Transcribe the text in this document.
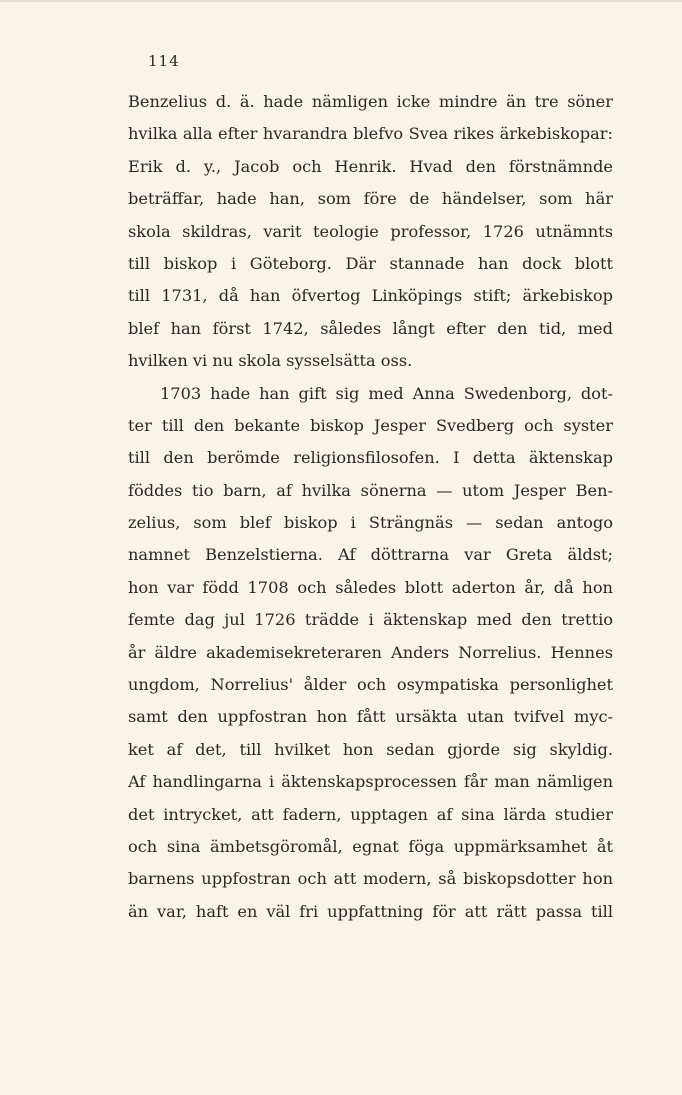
114
Benzelius d. ä. hade nämligen icke mindre än tre söner
hvilka alla efter hvarandra blefvo Svea rikes ärkebiskopar:
Erik d. y., Jacob och Henrik. Hvad den förstnämnde
beträffar, hade han, som före de händelser, som här
skola skildras, varit teologie professor, 1726 utnämnts
till biskop i Göteborg. Där stannade han dock blott
till 1731, då han öfvertog Linköpings stift; ärkebiskop
blef han först 1742, således långt efter den tid, med
hvilken vi nu skola sysselsätta oss.
1703 hade han gift sig med Anna Swedenborg, dot-
ter till den bekante biskop Jesper Svedberg och syster
till den berömde religionsfilosofen. I detta äktenskap
föddes tio barn, af hvilka sönerna — utom Jesper Ben-
zelius, som blef biskop i Strängnäs — sedan antogo
namnet Benzelstierna. Af döttrarna var Greta äldst;
hon var född 1708 och således blott aderton år, då hon
femte dag jul 1726 trädde i äktenskap med den trettio
år äldre akademisekreteraren Anders Norrelius. Hennes
ungdom, Norrelius' ålder och osympatiska personlighet
samt den uppfostran hon fått ursäkta utan tvifvel myc-
ket af det, till hvilket hon sedan gjorde sig skyldig.
Af handlingarna i äktenskapsprocessen får man nämligen
det intrycket, att fadern, upptagen af sina lärda studier
och sina ämbetsgöromål, egnat föga uppmärksamhet åt
barnens uppfostran och att modern, så biskopsdotter hon
än var, haft en väl fri uppfattning för att rätt passa till
